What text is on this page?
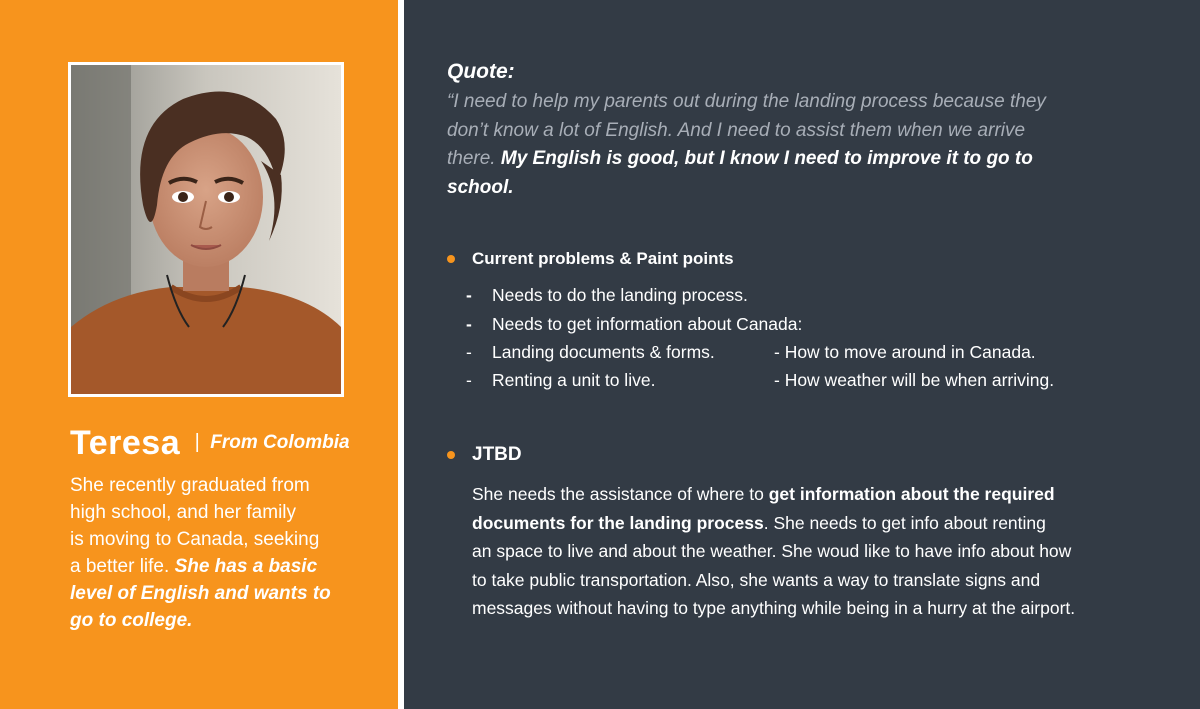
Teresa | From Colombia
She recently graduated from
high school, and her family
is moving to Canada, seeking
a better life. She has a basic
level of English and wants to
go to college.
Quote:
“I need to help my parents out during the landing process because they
don’t know a lot of English. And I need to assist them when we arrive
there. My English is good, but I know I need to improve it to go to
school.
Current problems & Paint points
- Needs to do the landing process.
- Needs to get information about Canada:
- Landing documents & forms.	- How to move around in Canada.
- Renting a unit to live.	- How weather will be when arriving.
JTBD
She needs the assistance of where to get information about the required
documents for the landing process. She needs to get info about renting
an space to live and about the weather. She woud like to have info about how
to take public transportation. Also, she wants a way to translate signs and
messages without having to type anything while being in a hurry at the airport.
